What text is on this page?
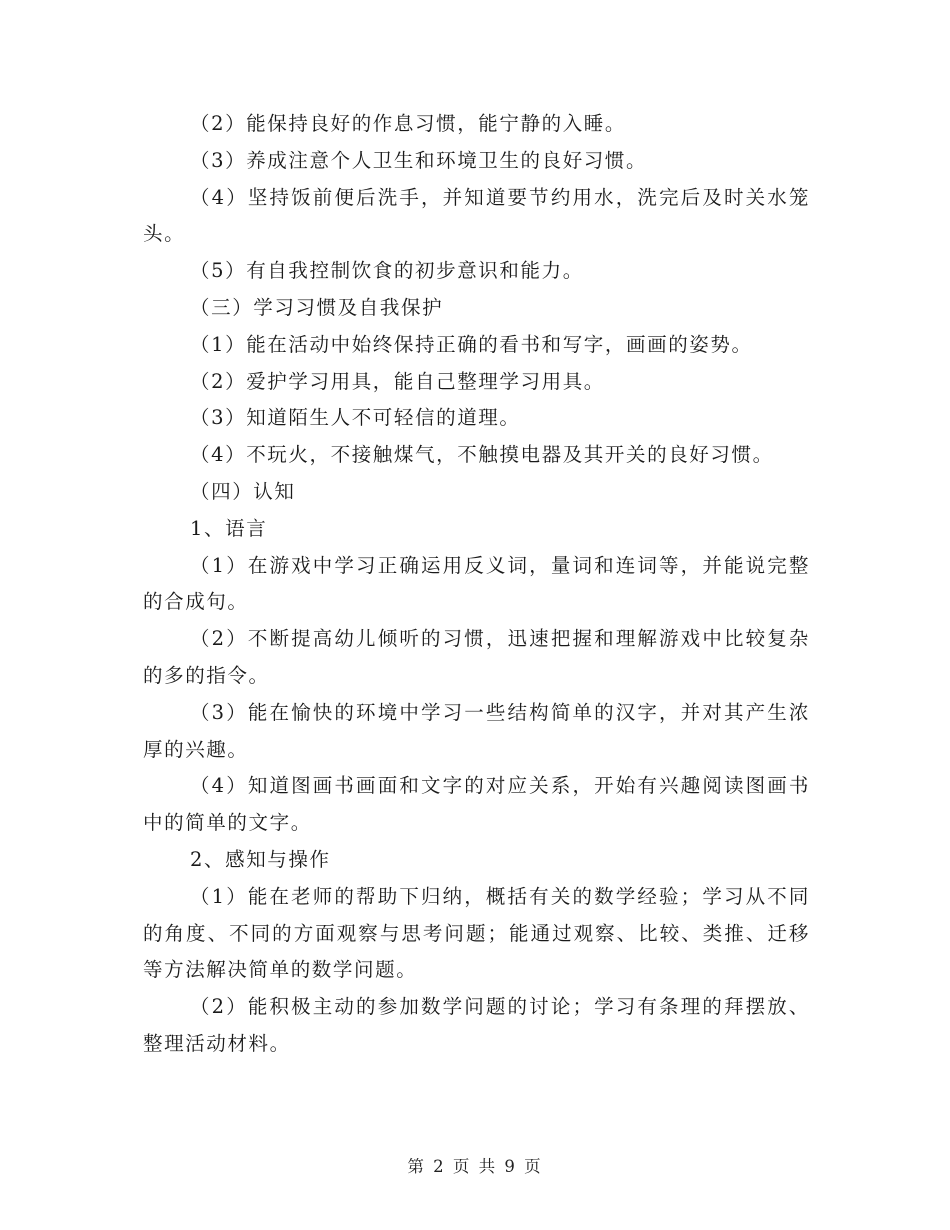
（2）能保持良好的作息习惯，能宁静的入睡。

（3）养成注意个人卫生和环境卫生的良好习惯。

（4）坚持饭前便后洗手，并知道要节约用水，洗完后及时关水笼头。

（5）有自我控制饮食的初步意识和能力。

（三）学习习惯及自我保护

（1）能在活动中始终保持正确的看书和写字，画画的姿势。

（2）爱护学习用具，能自己整理学习用具。

（3）知道陌生人不可轻信的道理。

（4）不玩火，不接触煤气，不触摸电器及其开关的良好习惯。

（四）认知

1、语言

（1）在游戏中学习正确运用反义词，量词和连词等，并能说完整的合成句。

（2）不断提高幼儿倾听的习惯，迅速把握和理解游戏中比较复杂的多的指令。

（3）能在愉快的环境中学习一些结构简单的汉字，并对其产生浓厚的兴趣。

（4）知道图画书画面和文字的对应关系，开始有兴趣阅读图画书中的简单的文字。

2、感知与操作

（1）能在老师的帮助下归纳，概括有关的数学经验；学习从不同的角度、不同的方面观察与思考问题；能通过观察、比较、类推、迁移等方法解决简单的数学问题。

（2）能积极主动的参加数学问题的讨论；学习有条理的拜摆放、整理活动材料。

第 2 页 共 9 页
